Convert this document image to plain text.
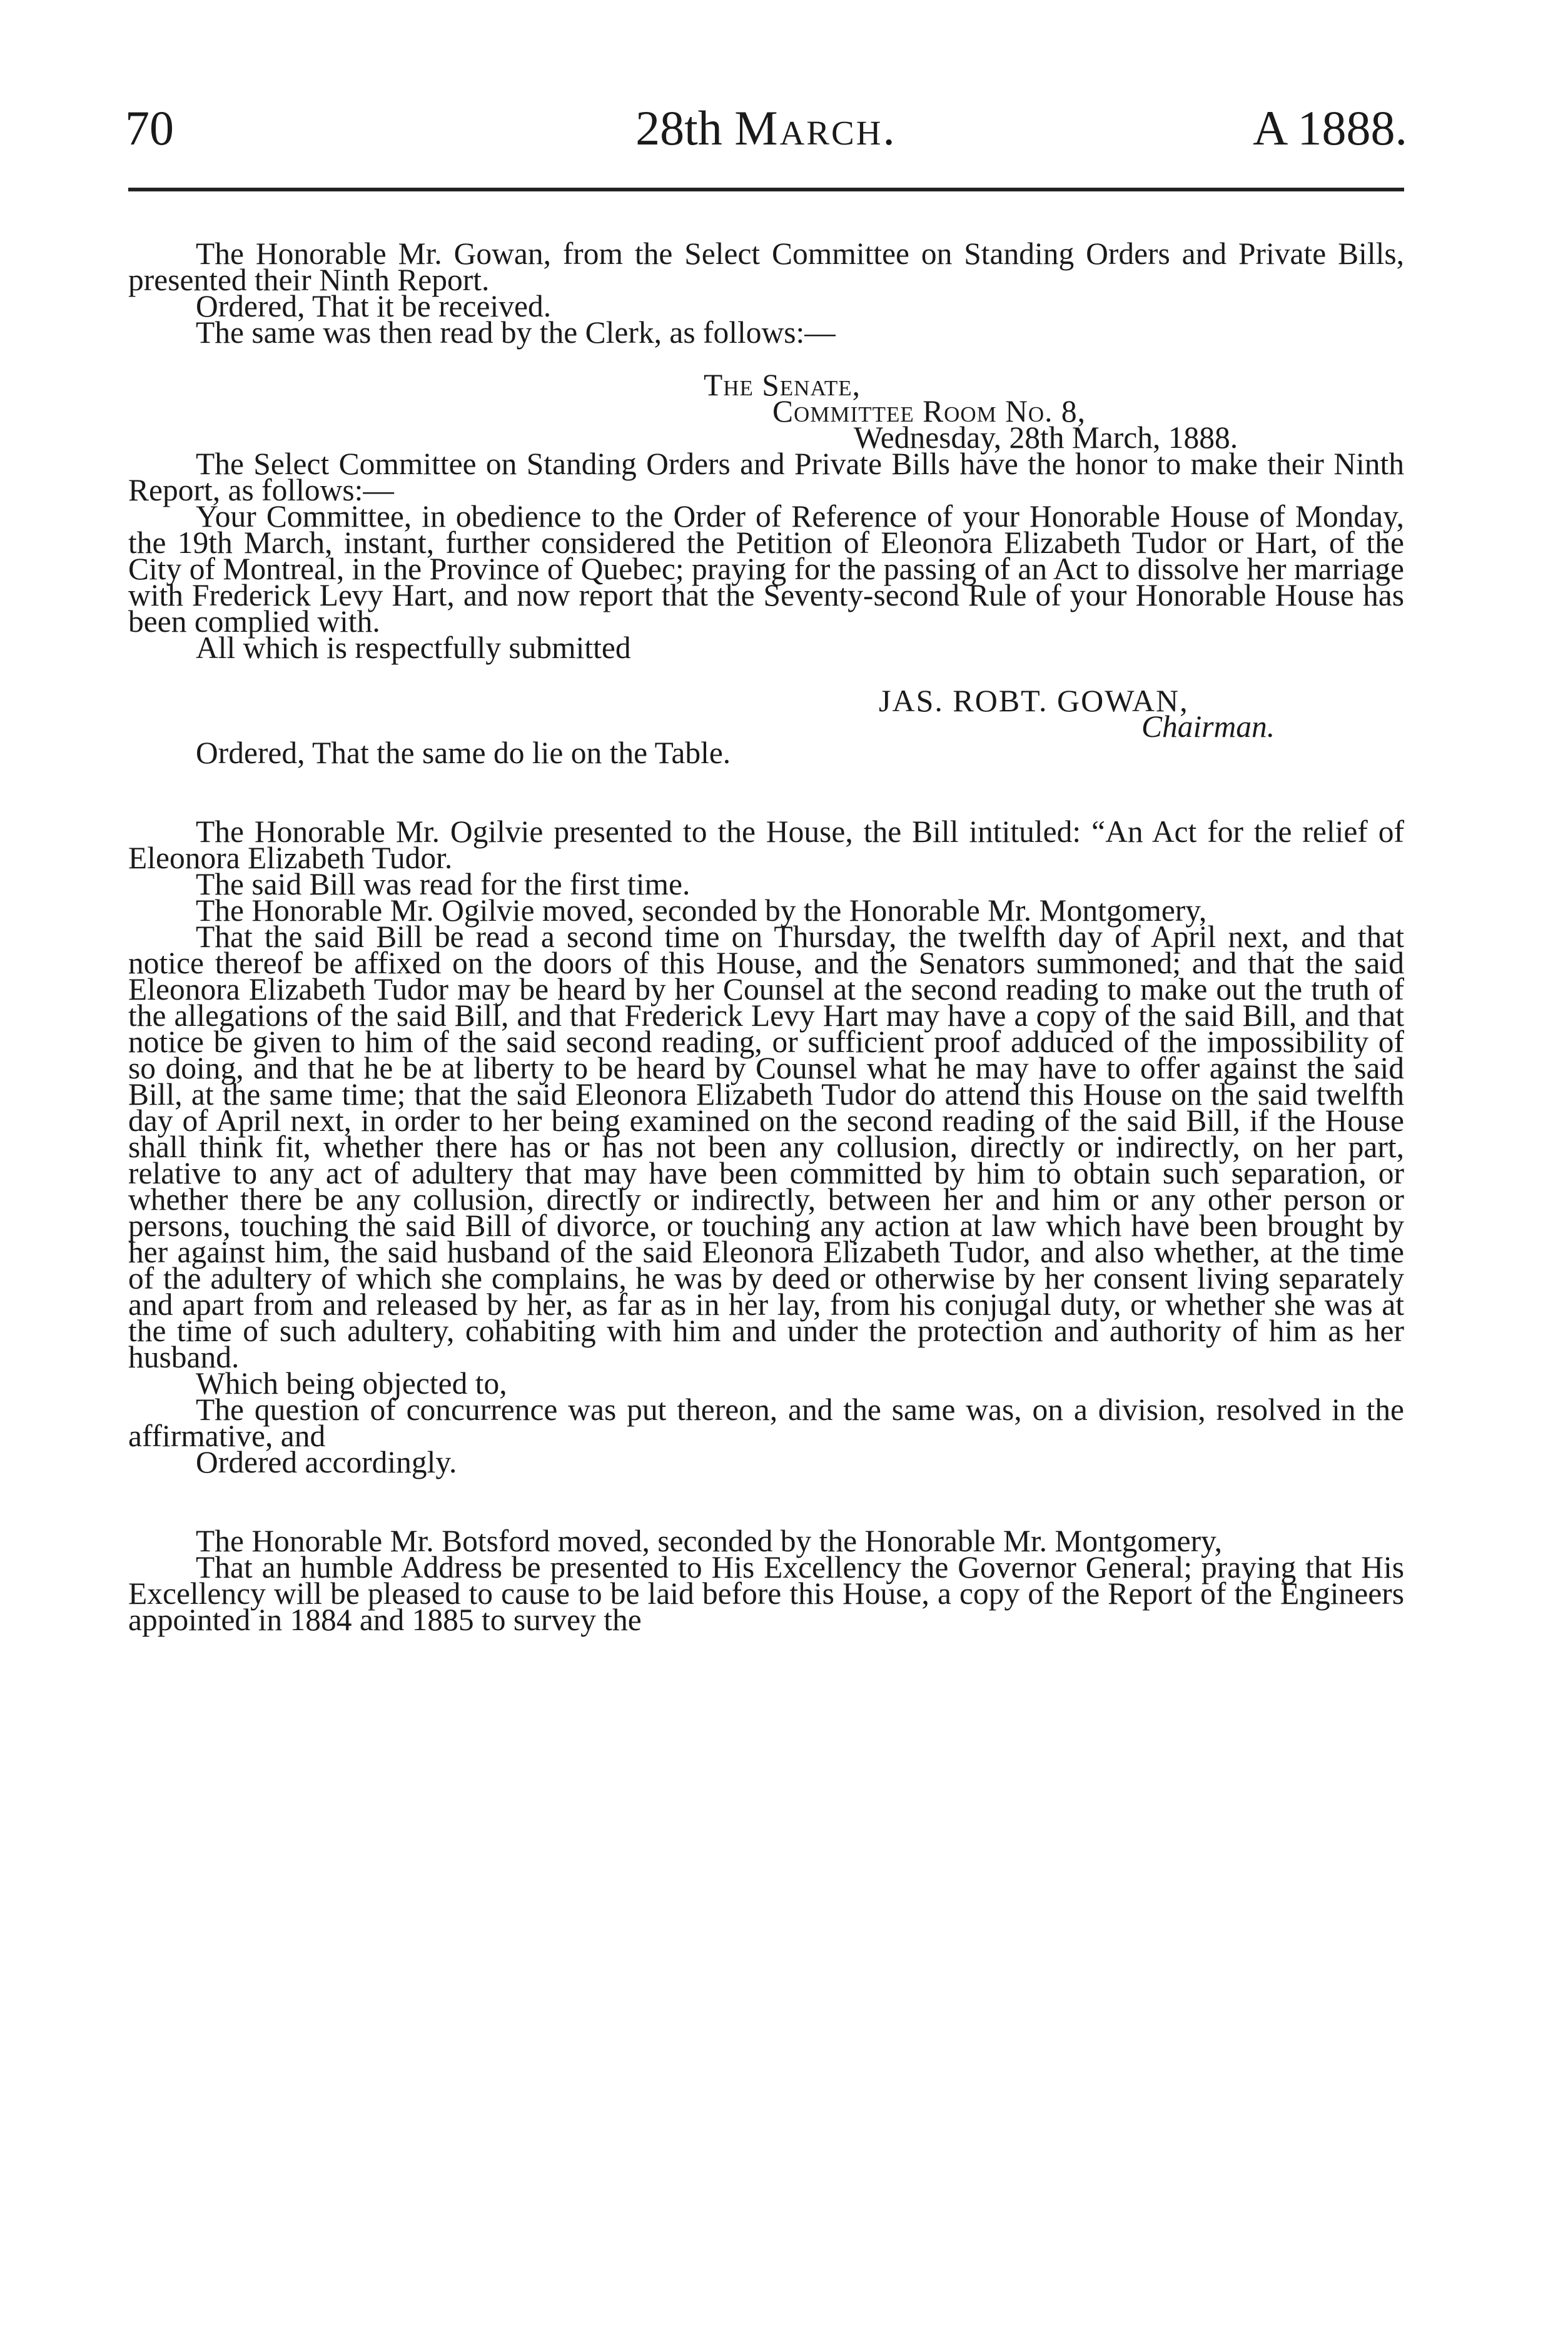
70	28th March.	A 1888.

The Honorable Mr. Gowan, from the Select Committee on Standing Orders and Private Bills, presented their Ninth Report.

Ordered, That it be received.

The same was then read by the Clerk, as follows:—

The Senate,

Committee Room No. 8,

Wednesday, 28th March, 1888.

The Select Committee on Standing Orders and Private Bills have the honor to make their Ninth Report, as follows:—

Your Committee, in obedience to the Order of Reference of your Honorable House of Monday, the 19th March, instant, further considered the Petition of Eleonora Elizabeth Tudor or Hart, of the City of Montreal, in the Province of Quebec; praying for the passing of an Act to dissolve her marriage with Frederick Levy Hart, and now report that the Seventy-second Rule of your Honorable House has been complied with.

All which is respectfully submitted

JAS. ROBT. GOWAN,

Chairman.

Ordered, That the same do lie on the Table.

The Honorable Mr. Ogilvie presented to the House, the Bill intituled: “An Act for the relief of Eleonora Elizabeth Tudor.

The said Bill was read for the first time.

The Honorable Mr. Ogilvie moved, seconded by the Honorable Mr. Montgomery,

That the said Bill be read a second time on Thursday, the twelfth day of April next, and that notice thereof be affixed on the doors of this House, and the Senators summoned; and that the said Eleonora Elizabeth Tudor may be heard by her Counsel at the second reading to make out the truth of the allegations of the said Bill, and that Frederick Levy Hart may have a copy of the said Bill, and that notice be given to him of the said second reading, or sufficient proof adduced of the impossibility of so doing, and that he be at liberty to be heard by Counsel what he may have to offer against the said Bill, at the same time; that the said Eleonora Elizabeth Tudor do attend this House on the said twelfth day of April next, in order to her being examined on the second reading of the said Bill, if the House shall think fit, whether there has or has not been any collusion, directly or indirectly, on her part, relative to any act of adultery that may have been committed by him to obtain such separation, or whether there be any collusion, directly or indirectly, between her and him or any other person or persons, touching the said Bill of divorce, or touching any action at law which have been brought by her against him, the said husband of the said Eleonora Elizabeth Tudor, and also whether, at the time of the adultery of which she complains, he was by deed or otherwise by her consent living separately and apart from and released by her, as far as in her lay, from his conjugal duty, or whether she was at the time of such adultery, cohabiting with him and under the protection and authority of him as her husband.

Which being objected to,

The question of concurrence was put thereon, and the same was, on a division, resolved in the affirmative, and

Ordered accordingly.

The Honorable Mr. Botsford moved, seconded by the Honorable Mr. Montgomery,

That an humble Address be presented to His Excellency the Governor General; praying that His Excellency will be pleased to cause to be laid before this House, a copy of the Report of the Engineers appointed in 1884 and 1885 to survey the
